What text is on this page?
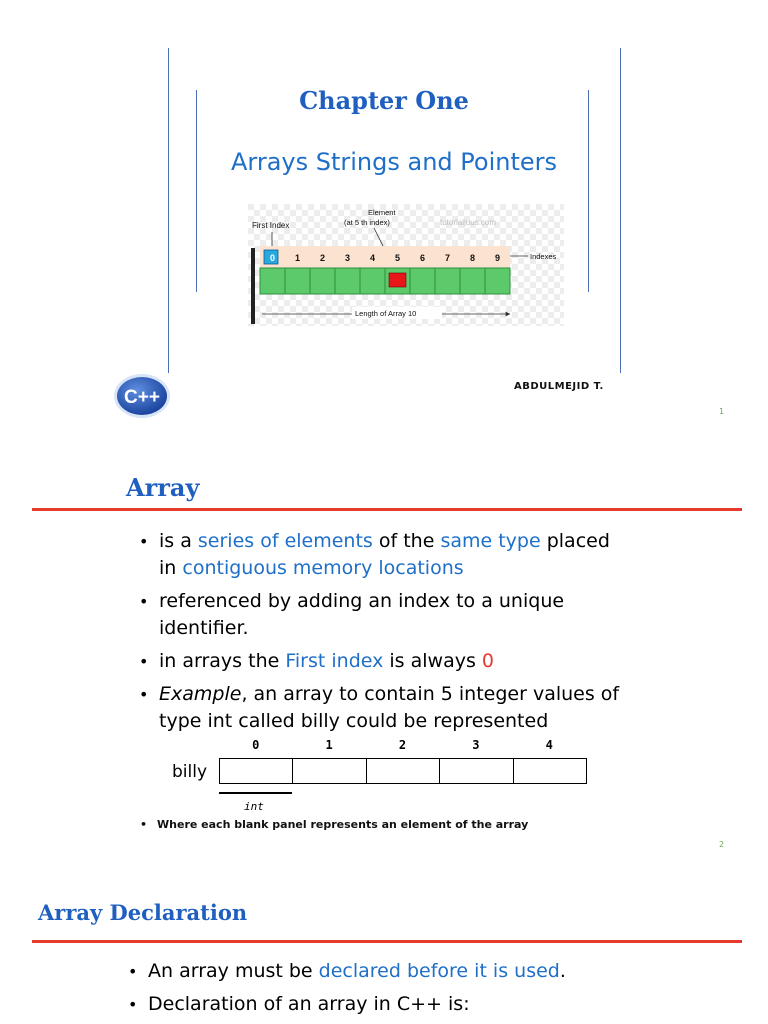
Chapter One
Arrays Strings and Pointers
First Index
Element
(at 5 th index)	tutorialjuus.com
0 1 2 3 4 5 6 7 8 9	Indexes
Length of Array 10
C++
ABDULMEJID T.
1
Array
• is a series of elements of the same type placed in contiguous memory locations
• referenced by adding an index to a unique identifier.
• in arrays the First index is always 0
• Example, an array to contain 5 integer values of type int called billy could be represented
billy
0	1	2	3	4
int
• Where each blank panel represents an element of the array
2
Array Declaration
• An array must be declared before it is used.
• Declaration of an array in C++ is:
